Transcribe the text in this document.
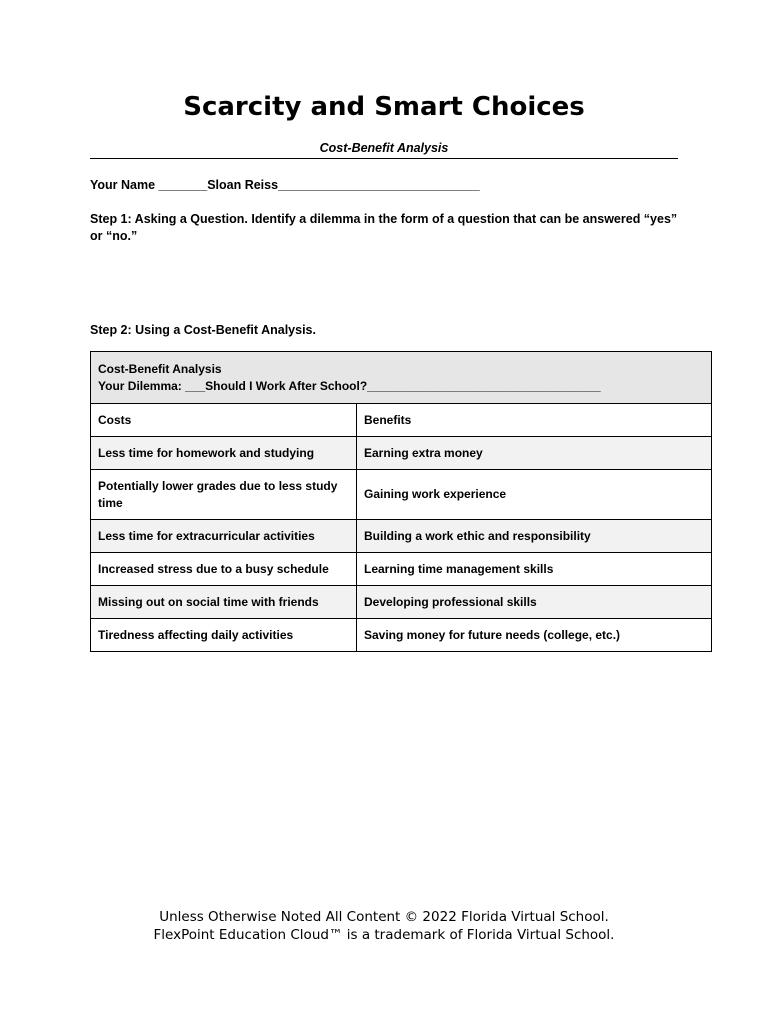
Scarcity and Smart Choices
Cost-Benefit Analysis
Your Name _______Sloan Reiss_____________________________
Step 1: Asking a Question. Identify a dilemma in the form of a question that can be answered “yes” or “no.”
Step 2: Using a Cost-Benefit Analysis.
Cost-Benefit Analysis
Your Dilemma: ___Should I Work After School?___________________________________	

Costs	Benefits
Less time for homework and studying	Earning extra money
Potentially lower grades due to less study time	Gaining work experience
Less time for extracurricular activities	Building a work ethic and responsibility
Increased stress due to a busy schedule	Learning time management skills
Missing out on social time with friends	Developing professional skills
Tiredness affecting daily activities	Saving money for future needs (college, etc.)
Unless Otherwise Noted All Content © 2022 Florida Virtual School.
FlexPoint Education Cloud™ is a trademark of Florida Virtual School.
